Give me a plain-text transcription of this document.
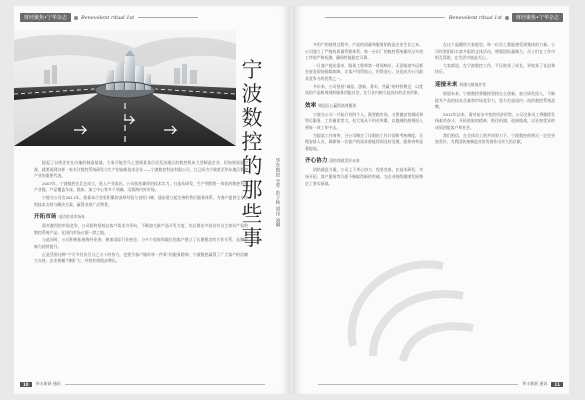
财经聚焦•宁华杂志	Benevolent ritual 1st
宁
波
数
控
的
那
些
事
华东数控 全军 彭子杨 胡伟 凌琳

提起了台湾企业在内地的制造基地，大家可能会马上想到某某位居发达地区的数控机床大型制造企业，但如果说起宁波，就要说到这样一家专注数控系统研发与生产的高新技术企业——宁波数控科技有限公司，它已成为宁波甚至华东地区数控产业的重要代表。

2007年，宁波数控在北仑成立，进入产业园区。公司依托雄厚的技术实力，打造从研发、生产到销售一体化的数控系统产业链，产品覆盖车床、铣床、加工中心等多个领域，远销海内外市场。

宁波分公司在2011年，依靠本行业里积累的深厚经验与良好口碑，逐步建立起完善的售后服务体系，为客户提供全方位的技术支持与解决方案，赢得业界广泛赞誉。

开拓市场 电话的非市场本

面对激烈的市场竞争，公司始终坚持以客户需求为导向，不断加大新产品开发力度，先后推出多款具有自主知识产权的数控系统产品，在国内市场占据一席之地。

与此同时，公司积极拓展海外业务，参加国际行业展会，与多个国家和地区的客户建立了长期稳定的合作关系，品牌影响力持续提升。

正是凭借这种“宁可多付出百分之五十的努力，也要为客户做好每一件事”的服务精神，宁波数控赢得了广大客户的信赖与支持，企业规模不断扩大，经营业绩稳步增长。

10	华丰新跃 通讯
Benevolent ritual 1st	财经聚焦•宁华杂志

多用户的使用过程中，产品的质量和服务始终是企业生存之本。公司建立了严格的质量管理体系，每一台出厂的数控系统都经过多道工序的严格检测，确保性能稳定可靠。

一旦客户提出需求，服务工程师第一时间响应，无论路途多远都会赶赴现场排除故障，让客户用得放心、用得安心，这也成为公司最具竞争力的优势之一。

多年来，公司坚持“诚信、创新、务实、共赢”的经营理念，以优质的产品和周到的服务回报社会，在行业内树立起良好的企业形象。

效率 铸造匠心赢得高效服务

宁波分公司一开始只有四个人，既要跑市场，又要做安装调试和售后服务，工作量非常大。但大家从不叫苦叫累，以饱满的热情投入到每一项工作中去。

为提高工作效率，分公司制定了详细的工作计划和考核制度，合理安排人员，确保每一位客户的需求都能得到及时处理，服务效率显著提高。

齐心协力 团结铸就美好未来

团结就是力量。公司上下齐心协力、攻坚克难，在技术研发、市场开拓、客户服务等方面不断取得新的突破，为企业持续健康发展奠定了坚实基础。

在这个温暖的大家庭里，每一位员工都能感受到集体的力量。公司经常组织丰富多彩的文体活动，增强团队凝聚力，员工们在工作中相互帮助，在生活中彼此关心。

大家都说，在宁波数控工作，不仅收获了成长，更收获了友谊和快乐。

迎接未来 机遇与挑战并存

展望未来，宁波数控将继续坚持自主创新，加大研发投入，不断提升产品的技术含量和市场竞争力，努力打造国内一流的数控系统品牌。

2012年以来，面对复杂多变的经济形势，公司全体员工将继续发扬艰苦奋斗、开拓进取的精神，抓住机遇、迎接挑战，以更加优异的成绩回报客户和社会。

我们相信，在全体员工的共同努力下，宁波数控的明天一定会更加美好，为我国装备制造业的发展作出更大的贡献。

华丰新跃 通讯	11
